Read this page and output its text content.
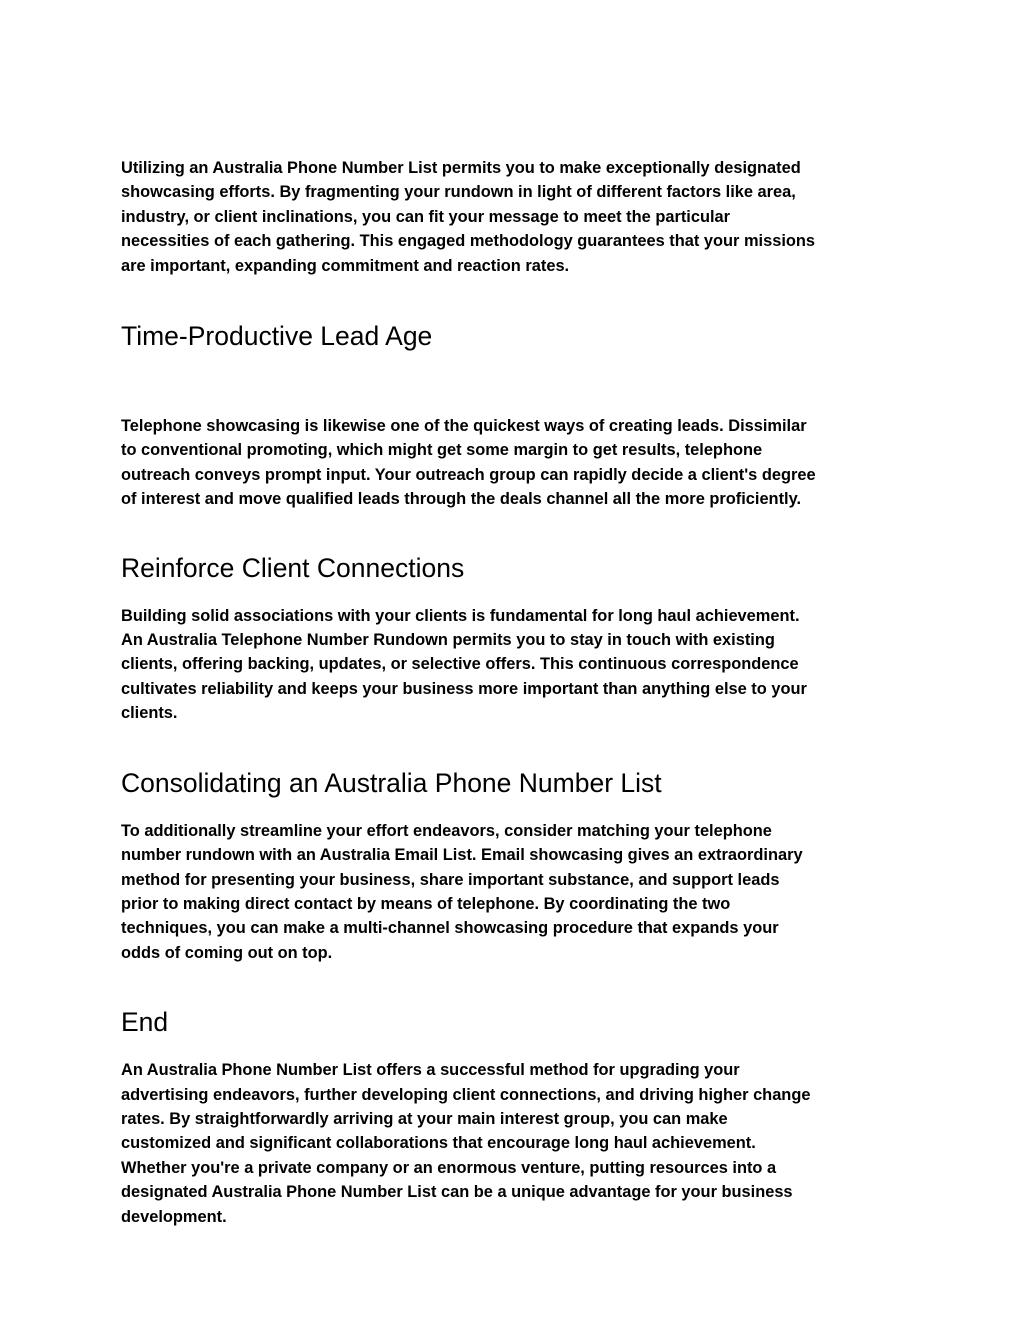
Utilizing an Australia Phone Number List permits you to make exceptionally designated
showcasing efforts. By fragmenting your rundown in light of different factors like area,
industry, or client inclinations, you can fit your message to meet the particular
necessities of each gathering. This engaged methodology guarantees that your missions
are important, expanding commitment and reaction rates.

Time-Productive Lead Age

Telephone showcasing is likewise one of the quickest ways of creating leads. Dissimilar
to conventional promoting, which might get some margin to get results, telephone
outreach conveys prompt input. Your outreach group can rapidly decide a client's degree
of interest and move qualified leads through the deals channel all the more proficiently.

Reinforce Client Connections

Building solid associations with your clients is fundamental for long haul achievement.
An Australia Telephone Number Rundown permits you to stay in touch with existing
clients, offering backing, updates, or selective offers. This continuous correspondence
cultivates reliability and keeps your business more important than anything else to your
clients.

Consolidating an Australia Phone Number List

To additionally streamline your effort endeavors, consider matching your telephone
number rundown with an Australia Email List. Email showcasing gives an extraordinary
method for presenting your business, share important substance, and support leads
prior to making direct contact by means of telephone. By coordinating the two
techniques, you can make a multi-channel showcasing procedure that expands your
odds of coming out on top.

End

An Australia Phone Number List offers a successful method for upgrading your
advertising endeavors, further developing client connections, and driving higher change
rates. By straightforwardly arriving at your main interest group, you can make
customized and significant collaborations that encourage long haul achievement.
Whether you're a private company or an enormous venture, putting resources into a
designated Australia Phone Number List can be a unique advantage for your business
development.
